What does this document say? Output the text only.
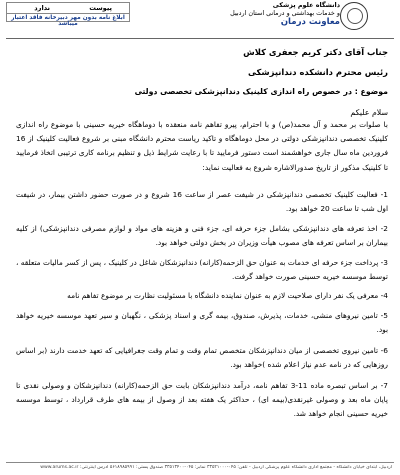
پیوست
ندارد
ابلاغ نامه بدون مهر دبیرخانه فاقد اعتبار میباشد
دانشگاه علوم پزشکی
و خدمات بهداشتی و درمانی استان اردبیل
معاونت درمان
جناب آقای دکتر کریم جعفری کلاش
رئیس محترم دانشکده دندانپزشکی
موضوع : در خصوص راه اندازی کلینیک دندانپزشکی تخصصی دولتی
سلام علیکم
با صلوات بر محمد و آل محمد(ص) و با احترام، پیرو تفاهم نامه منعقده با دوماهگاه خیریه حسینی با موضوع راه اندازی کلینیک تخصصی دندانپزشکی دولتی در محل دوماهگاه و تاکید ریاست محترم دانشگاه مبنی بر شروع فعالیت کلینیک از 16 فروردین ماه سال جاری خواهشمند است دستور فرمایید تا با رعایت شرایط ذیل و تنظیم برنامه کاری ترتیبی اتخاذ فرمایید تا کلینیک مذکور از تاریخ صدورالاشاره شروع به فعالیت نماید:
1- فعالیت کلینیک تخصصی دندانپزشکی در شیفت عصر از ساعت 16 شروع و در صورت حضور داشتن بیمار، در شیفت اول شب تا ساعت 20 خواهد بود.
2- اخذ تعرفه های دندانپزشکی بشامل جزء حرفه ای، جزء فنی و هزینه های مواد و لوازم مصرفی دندانپزشکی) از کلیه بیماران بر اساس تعرفه های مصوب هیأت وزیران در بخش دولتی خواهد بود.
3- پرداخت جزء حرفه ای خدمات به عنوان حق الزحمه(کارانه) دندانپزشکان شاغل در کلینیک ، پس از کسر مالیات متعلقه ، توسط موسسه خیریه حسینی صورت خواهد گرفت.
4- معرفی یک نفر دارای صلاحیت لازم به عنوان نماینده دانشگاه با مسئولیت نظارت بر موضوع تفاهم نامه
5- تامین نیروهای منشی، خدمات، پذیرش، صندوق، بیمه گری و اسناد پزشکی ، نگهبان و سیر تعهد موسسه خیریه خواهد بود.
6- تامین نیروی تخصصی از میان دندانپزشکان متخصص تمام وقت و تمام وقت جغرافیایی که تعهد خدمت دارند (بر اساس روزهایی که در نامه عدم نیاز اعلام شده )خواهد بود.
7- بر اساس تبصره ماده 11-3 تفاهم نامه، درآمد دندانپزشکان بابت حق الزحمه(کارانه) دندانپزشکان و وصولی نقدی تا پایان ماه بعد و وصولی غیرنقدی(بیمه ای) ، حداکثر یک هفته بعد از وصول از بیمه های طرف قرارداد ، توسط موسسه خیریه حسینی انجام خواهد شد.
اردبیل، ابتدای خیابان دانشگاه - مجتمع اداری دانشگاه علوم پزشکی اردبیل - تلفن: ۰۴۵-۳۳۵۲۱۰۰۰ نمابر: ۰۴۵-۳۳۵۱۳۴۰۰ صندوق پستی: ۵۶۱۸۹۸۵۹۹۱ آدرس اینترنتی: www.arums.ac.ir
